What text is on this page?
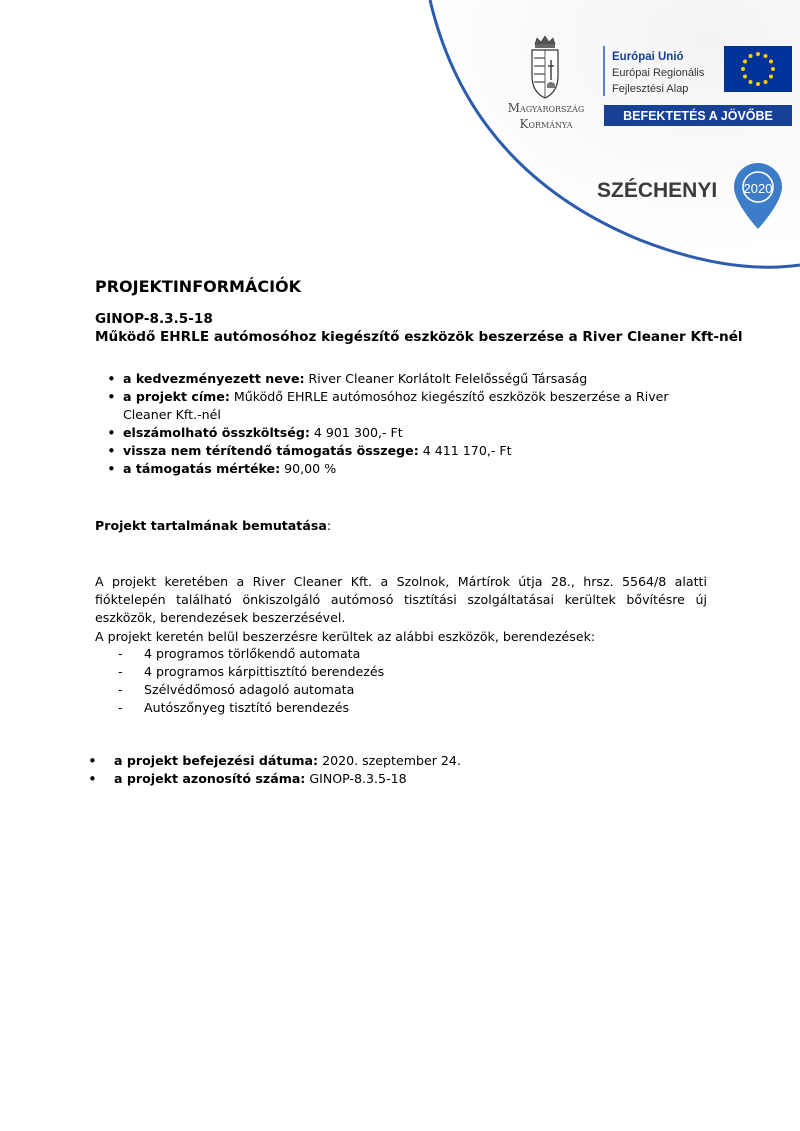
Magyarország
Kormánya
Európai Unió
Európai Regionális
Fejlesztési Alap
BEFEKTETÉS A JÖVŐBE
SZÉCHENYI 2020

PROJEKTINFORMÁCIÓK

GINOP-8.3.5-18

Működő EHRLE autómosóhoz kiegészítő eszközök beszerzése a River Cleaner Kft-nél

• a kedvezményezett neve: River Cleaner Korlátolt Felelősségű Társaság
• a projekt címe: Működő EHRLE autómosóhoz kiegészítő eszközök beszerzése a River Cleaner Kft.-nél
• elszámolható összköltség: 4 901 300,- Ft
• vissza nem térítendő támogatás összege: 4 411 170,- Ft
• a támogatás mértéke: 90,00 %

Projekt tartalmának bemutatása:

A projekt keretében a River Cleaner Kft. a Szolnok, Mártírok útja 28., hrsz. 5564/8 alatti fióktelepén található önkiszolgáló autómosó tisztítási szolgáltatásai kerültek bővítésre új eszközök, berendezések beszerzésével.

A projekt keretén belül beszerzésre kerültek az alábbi eszközök, berendezések:

- 4 programos törlőkendő automata
- 4 programos kárpittisztító berendezés
- Szélvédőmosó adagoló automata
- Autószőnyeg tisztító berendezés
• a projekt befejezési dátuma: 2020. szeptember 24.
• a projekt azonosító száma: GINOP-8.3.5-18
